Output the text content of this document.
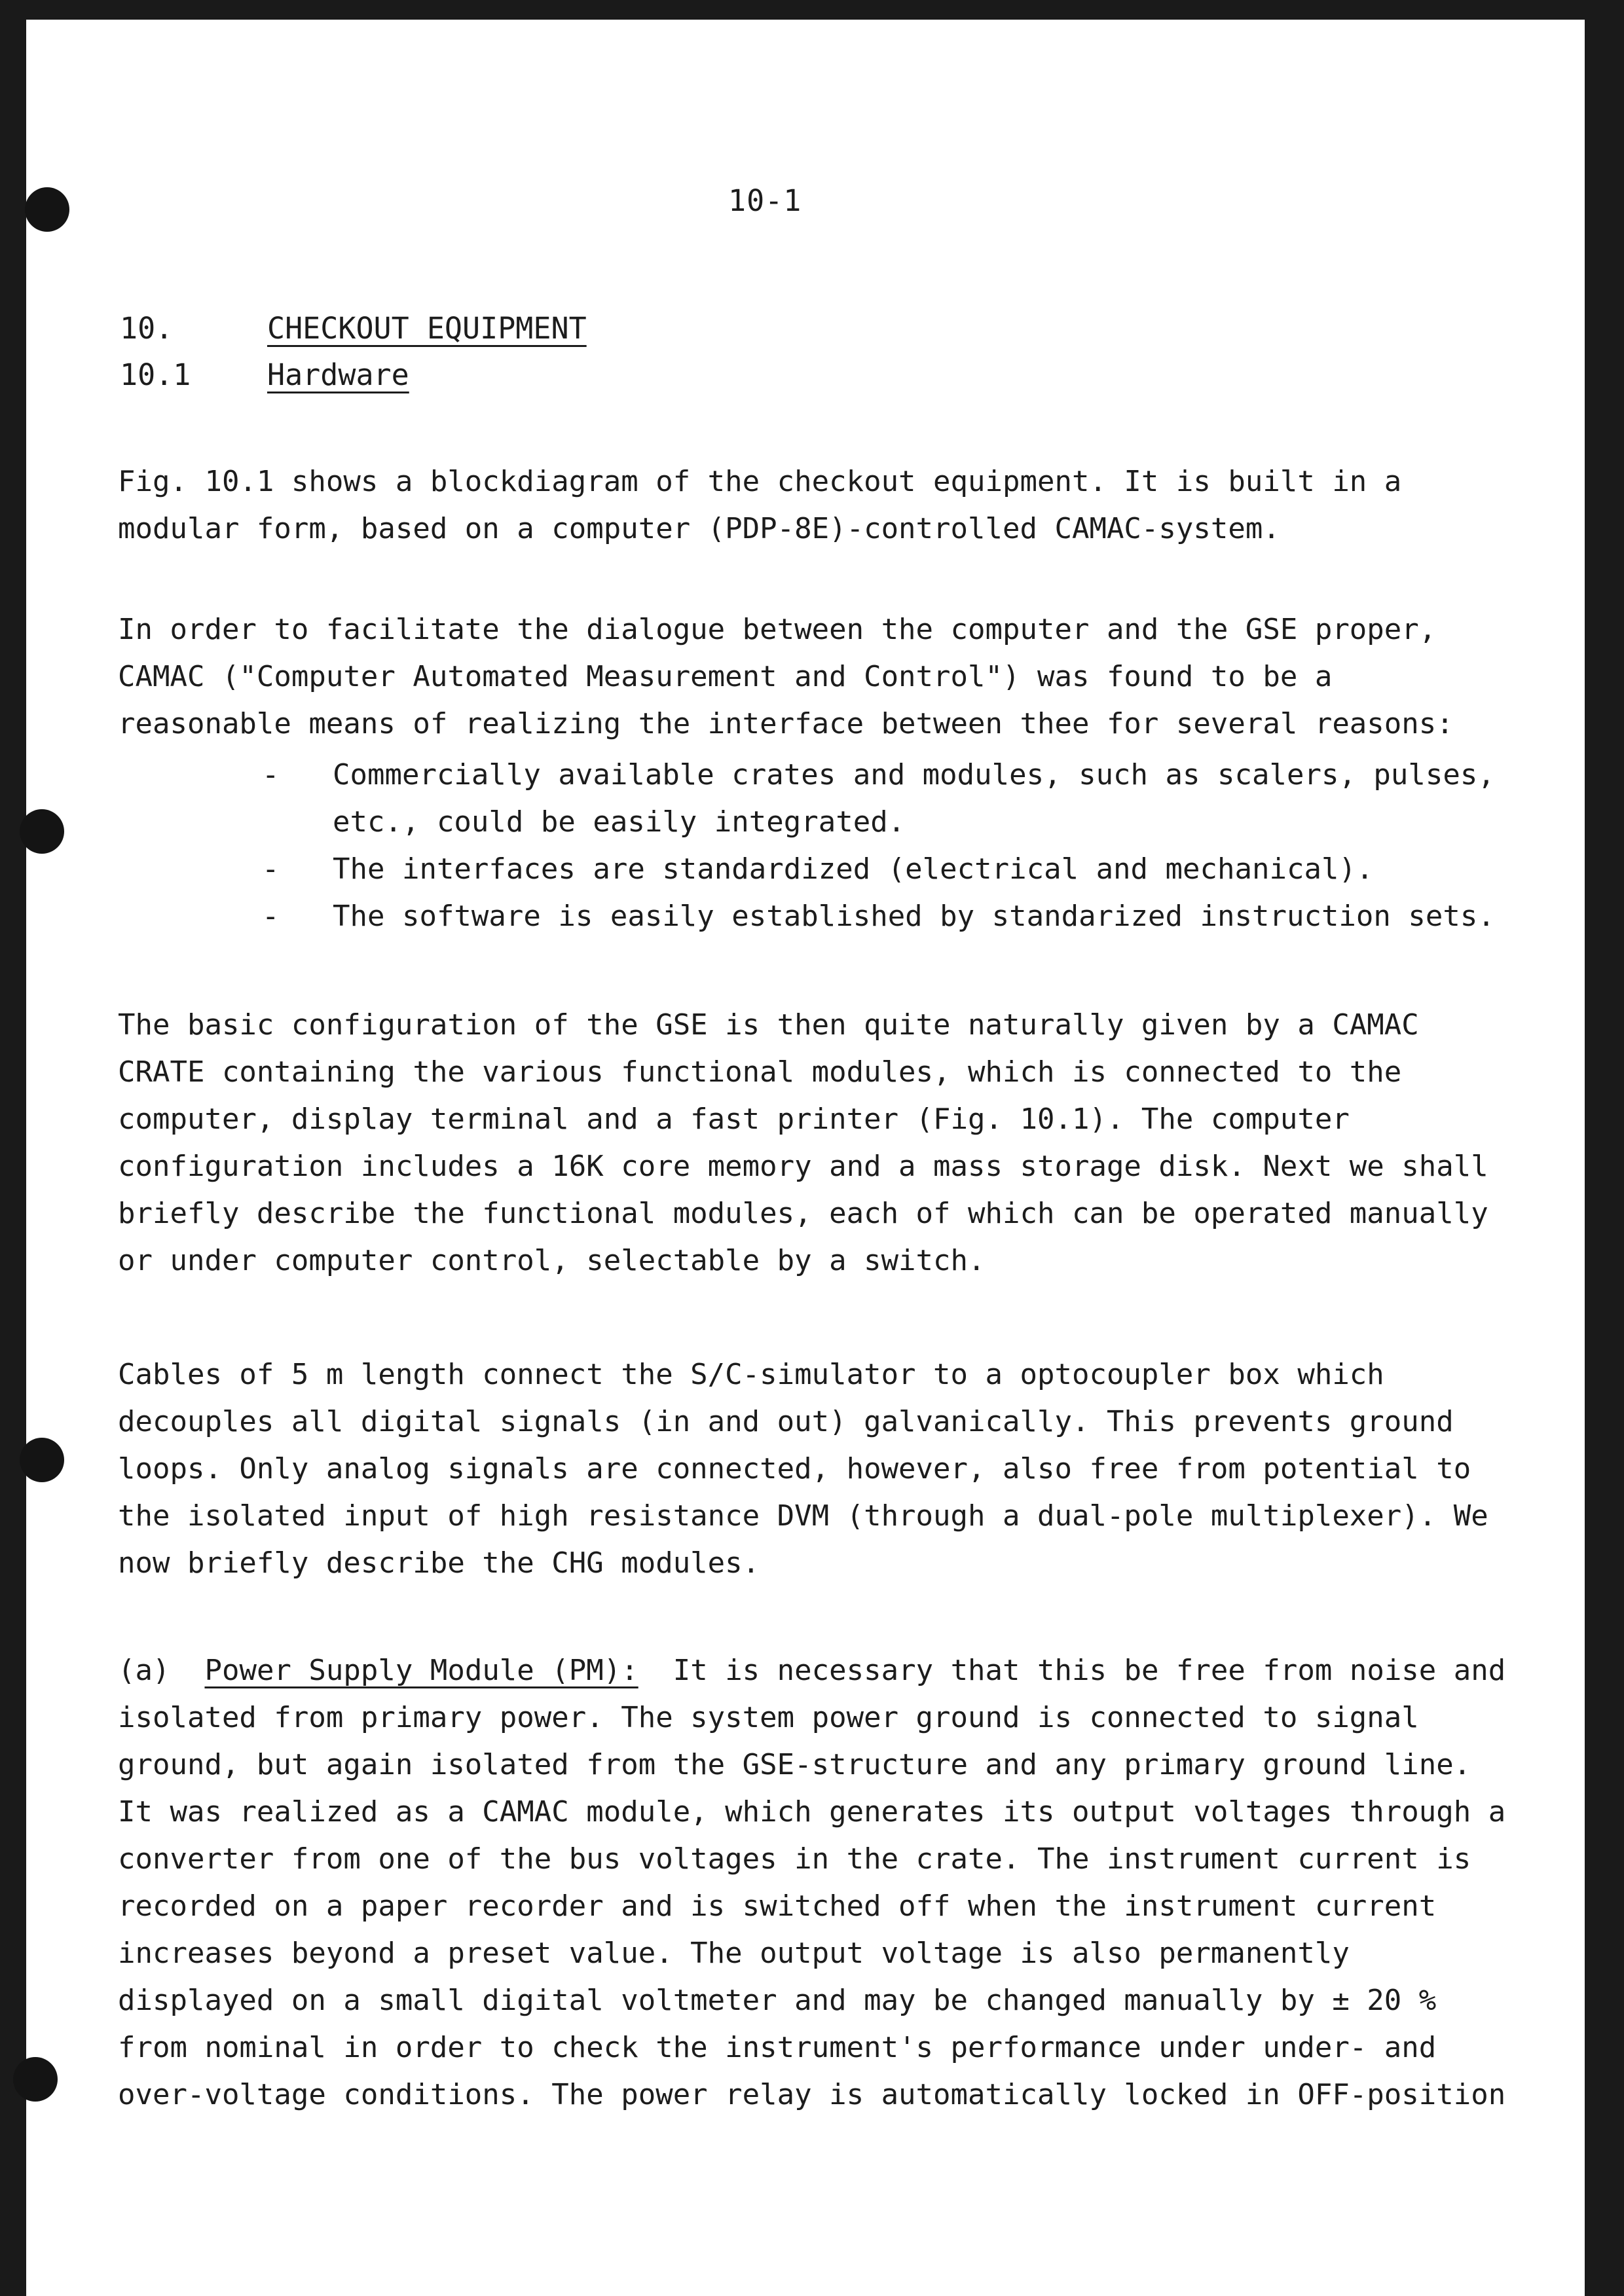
10-1
10.	CHECKOUT EQUIPMENT
10.1	Hardware
Fig. 10.1 shows a blockdiagram of the checkout equipment. It is built in a
modular form, based on a computer (PDP-8E)-controlled CAMAC-system.
In order to facilitate the dialogue between the computer and the GSE proper,
CAMAC ("Computer Automated Measurement and Control") was found to be a
reasonable means of realizing the interface between thee for several reasons:
- Commercially available crates and modules, such as scalers, pulses,
etc., could be easily integrated.
- The interfaces are standardized (electrical and mechanical).
- The software is easily established by standarized instruction sets.
The basic configuration of the GSE is then quite naturally given by a CAMAC
CRATE containing the various functional modules, which is connected to the
computer, display terminal and a fast printer (Fig. 10.1). The computer
configuration includes a 16K core memory and a mass storage disk. Next we shall
briefly describe the functional modules, each of which can be operated manually
or under computer control, selectable by a switch.
Cables of 5 m length connect the S/C-simulator to a optocoupler box which
decouples all digital signals (in and out) galvanically. This prevents ground
loops. Only analog signals are connected, however, also free from potential to
the isolated input of high resistance DVM (through a dual-pole multiplexer). We
now briefly describe the CHG modules.
(a) Power Supply Module (PM): It is necessary that this be free from noise and
isolated from primary power. The system power ground is connected to signal
ground, but again isolated from the GSE-structure and any primary ground line.
It was realized as a CAMAC module, which generates its output voltages through a
converter from one of the bus voltages in the crate. The instrument current is
recorded on a paper recorder and is switched off when the instrument current
increases beyond a preset value. The output voltage is also permanently
displayed on a small digital voltmeter and may be changed manually by ± 20 %
from nominal in order to check the instrument's performance under under- and
over-voltage conditions. The power relay is automatically locked in OFF-position
